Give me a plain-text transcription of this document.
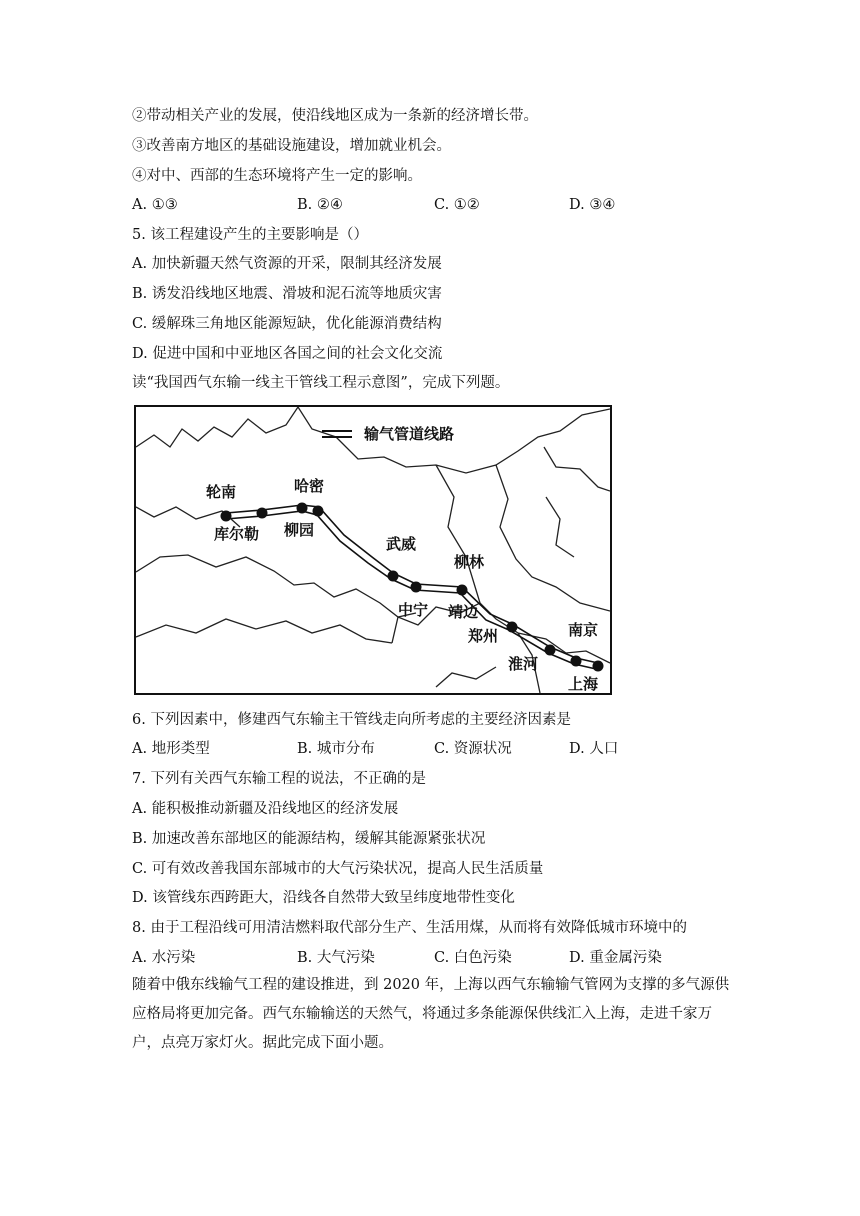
②带动相关产业的发展，使沿线地区成为一条新的经济增长带。
③改善南方地区的基础设施建设，增加就业机会。
④对中、西部的生态环境将产生一定的影响。
A. ①③	B. ②④	C. ①②	D. ③④
5. 该工程建设产生的主要影响是（）
A. 加快新疆天然气资源的开采，限制其经济发展
B. 诱发沿线地区地震、滑坡和泥石流等地质灾害
C. 缓解珠三角地区能源短缺，优化能源消费结构
D. 促进中国和中亚地区各国之间的社会文化交流
读“我国西气东输一线主干管线工程示意图”，完成下列题。
输气管道线路
轮南
库尔勒
哈密
柳园
武威
中宁
柳林
靖边
郑州
淮河
南京
上海
6. 下列因素中，修建西气东输主干管线走向所考虑的主要经济因素是
A. 地形类型	B. 城市分布	C. 资源状况	D. 人口
7. 下列有关西气东输工程的说法，不正确的是
A. 能积极推动新疆及沿线地区的经济发展
B. 加速改善东部地区的能源结构，缓解其能源紧张状况
C. 可有效改善我国东部城市的大气污染状况，提高人民生活质量
D. 该管线东西跨距大，沿线各自然带大致呈纬度地带性变化
8. 由于工程沿线可用清洁燃料取代部分生产、生活用煤，从而将有效降低城市环境中的
A. 水污染	B. 大气污染	C. 白色污染	D. 重金属污染
随着中俄东线输气工程的建设推进，到 2020 年，上海以西气东输输气管网为支撑的多气源供应格局将更加完备。西气东输输送的天然气，将通过多条能源保供线汇入上海，走进千家万户，点亮万家灯火。据此完成下面小题。
